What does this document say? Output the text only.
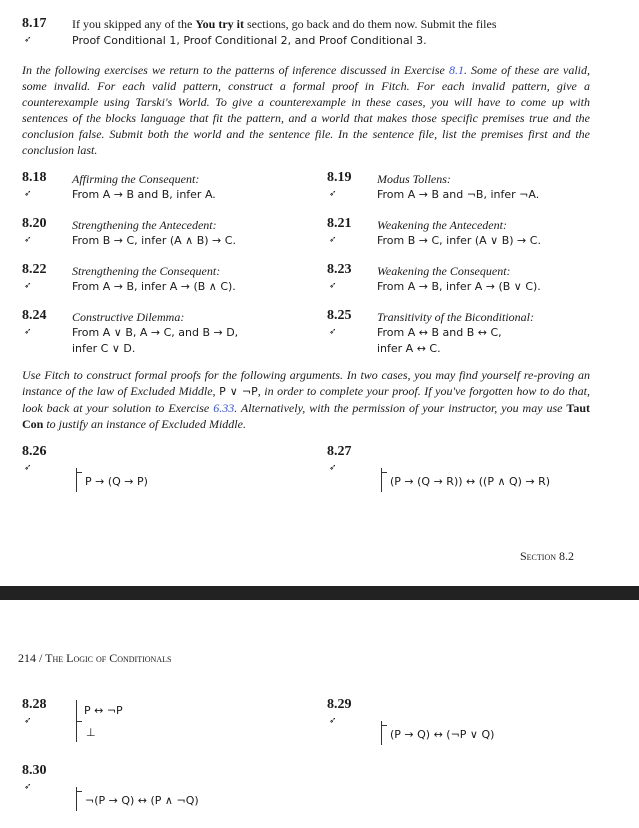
8.17
➶
If you skipped any of the You try it sections, go back and do them now. Submit the files
Proof Conditional 1, Proof Conditional 2, and Proof Conditional 3.
In the following exercises we return to the patterns of inference discussed in Exercise 8.1. Some of these are valid, some invalid. For each valid pattern, construct a formal proof in Fitch. For each invalid pattern, give a counterexample using Tarski's World. To give a counterexample in these cases, you will have to come up with sentences of the blocks language that fit the pattern, and a world that makes those specific premises true and the conclusion false. Submit both the world and the sentence file. In the sentence file, list the premises first and the conclusion last.
8.18
➶
Affirming the Consequent:
From A → B and B, infer A.
8.19
➶
Modus Tollens:
From A → B and ¬B, infer ¬A.
8.20
➶
Strengthening the Antecedent:
From B → C, infer (A ∧ B) → C.
8.21
➶
Weakening the Antecedent:
From B → C, infer (A ∨ B) → C.
8.22
➶
Strengthening the Consequent:
From A → B, infer A → (B ∧ C).
8.23
➶
Weakening the Consequent:
From A → B, infer A → (B ∨ C).
8.24
➶
Constructive Dilemma:
From A ∨ B, A → C, and B → D,
infer C ∨ D.
8.25
➶
Transitivity of the Biconditional:
From A ↔ B and B ↔ C,
infer A ↔ C.
Use Fitch to construct formal proofs for the following arguments. In two cases, you may find yourself re-proving an instance of the law of Excluded Middle, P ∨ ¬P, in order to complete your proof. If you've forgotten how to do that, look back at your solution to Exercise 6.33. Alternatively, with the permission of your instructor, you may use Taut Con to justify an instance of Excluded Middle.
8.26
➶
P → (Q → P)
8.27
➶
(P → (Q → R)) ↔ ((P ∧ Q) → R)
Section 8.2
214 / The Logic of Conditionals
8.28
➶
P ↔ ¬P
⊥
8.29
➶
(P → Q) ↔ (¬P ∨ Q)
8.30
➶
¬(P → Q) ↔ (P ∧ ¬Q)
